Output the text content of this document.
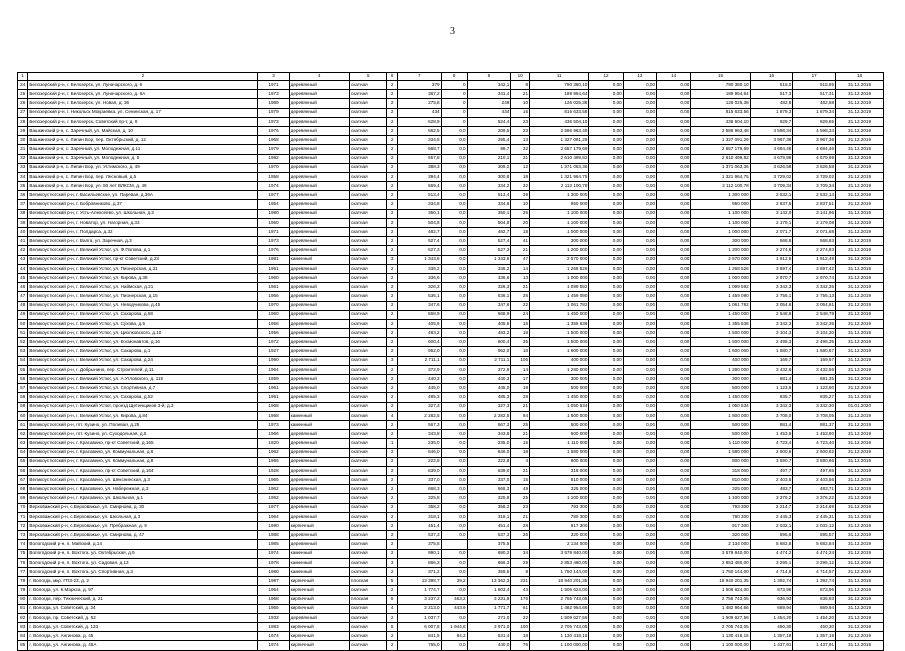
3
1	2	3	4	5	6	7	8	9	10	11	12	13	14	15	16	17	18
24	Белозерский р-н, г. Белозерск, ул. Луначарского, д. 6	1971	деревянный	скатная	2	379	0	342,1	8	790 380,10	0,00	0,00	0,00	790 380,10	516,0	515,95	31.12.2019
25	Белозерский р-н, г. Белозерск, ул. Луначарского, д. 6А	1973	деревянный	скатная	2	367,2	0	341,4	21	189 954,64	0,00	0,00	0,00	189 954,64	517,3	517,31	31.12.2019
26	Белозерский р-н, г. Белозерск, ул. Новая, д. 36	1989	деревянный	скатная	2	275,8	0	249	10	126 025,38	0,00	0,00	0,00	126 025,38	482,6	482,58	31.12.2019
27	Белозерский р-н, г. Никольск Мокраевка, ул. Сенинская, д. 17	1979	деревянный	скатная	2	434	0	434	16	815 633,56	0,00	0,00	0,00	815 633,56	1 879,3	1 879,34	31.12.2019
28	Белозерский р-н, г. Белозерск, Советский пр-т, д. 8	1973	деревянный	скатная	2	528,9	0	524,4	23	436 504,10	0,00	0,00	0,00	436 504,10	829,7	829,65	31.12.2019
29	Вашкинский р-н, с. Заречный, ул. Майская, д. 10	1976	деревянный	скатная	2	562,5	0,0	209,5	23	2 586 963,48	0,00	0,00	0,00	2 586 963,48	4 598,34	4 598,34	31.12.2019
30	Вашкинский р-н, с. Липин Бор, пер. Октябрьский, д. 12	1968	деревянный	скатная	2	334,5	0,0	295,4	13	1 327 091,29	0,00	0,00	0,00	1 327 091,29	3 967,38	3 967,38	31.12.2019
31	Вашкинский р-н, с. Заречный, ул. Молодежная, д.11	1979	деревянный	скатная	2	568,7	0,0	98,7	32	2 657 179,69	0,00	0,00	0,00	2 657 179,69	4 684,46	4 684,46	31.12.2019
32	Вашкинский р-н, с. Заречный, ул. Молодежная, д. 5	1982	деревянный	скатная	2	557,8	0,0	210,1	31	2 610 499,82	0,00	0,00	0,00	2 610 499,82	4 679,99	4 679,99	31.12.2019
33	Вашкинский р-н, с. Липин Бор, ул. Устимского, д. 49	1970	деревянный	скатная	2	388,3	0,0	309,2	12	1 371 063,36	0,00	0,00	0,00	1 371 063,36	3 626,58	3 626,58	31.12.2019
34	Вашкинский р-н, с. Липин Бор, пер. Лесновый, д.5	1958	деревянный	скатная	2	394,4	0,0	300,8	18	1 321 964,75	0,00	0,00	0,00	1 321 964,75	3 729,02	3 729,02	31.12.2019
35	Вашкинский р-н, с. Липин Бор, ул. 50 лет ВЛКСМ, д. 49	1974	деревянный	скатная	2	569,4	0,0	334,2	32	2 112 100,78	0,00	0,00	0,00	2 112 100,78	3 709,34	3 709,34	31.12.2019
36	Великоустюгский р-н, г. Васильевское, ул. Паревая, д.36А	1977	деревянный	скатная	2	513,4	0,0	513,4	39	1 300 000	0,00	0,00	0,00	1 300 000	2 532,1	2 532,14	31.12.2019
37	Великоустюгский р-н, г. Бобровниково, д.37	1954	деревянный	скатная	2	334,8	0,0	334,8	10	950 000	0,00	0,00	0,00	950 000	2 837,5	2 837,51	31.12.2019
38	Великоустюгский р-н, г. Усть-Алексеево, ул. Школьная, д.2	1980	деревянный	скатная	2	350,1	0,0	350,1	25	1 100 000	0,00	0,00	0,00	1 100 000	3 142,0	3 141,96	31.12.2019
39	Великоустюгский р-н, г. Новатор, ул. Нагорная, д.33	1960	деревянный	скатная	2	504,8	0,0	504,8	20	1 100 000	0,00	0,00	0,00	1 100 000	2 179,1	2 179,08	31.12.2019
40	Великоустюгский р-н, г. Полдарса, д.32	1971	деревянный	скатная	2	482,7	0,0	482,7	18	1 000 000	0,00	0,00	0,00	1 000 000	2 071,7	2 071,68	31.12.2019
41	Великоустюгский р-н, г. Валга, ул. Заречная, д.3	1973	деревянный	скатная	2	527,4	0,0	527,4	41	300 000	0,00	0,00	0,00	300 000	568,8	568,83	31.12.2019
42	Великоустюгский р-н, г. Великий Устюг, ул. Ф.Попова, д.1	1976	деревянный	скатная	2	527,3	0,0	527,3	21	1 200 000	0,00	0,00	0,00	1 200 000	2 274,8	2 274,83	31.12.2019
43	Великоустюгский р-н, г. Великий Устюг, пр-кт Советский, д.23	1981	каменный	скатная	3	1 343,6	0,0	1 343,6	47	2 570 000	0,00	0,00	0,00	2 570 000	1 912,5	1 912,49	31.12.2019
44	Великоустюгский р-н, г. Великий Устюг, ул. Пионерская, д.31	1961	деревянный	скатная	2	336,2	0,0	336,2	14	1 268 526	0,00	0,00	0,00	1 268 526	3 697,4	3 697,42	31.12.2019
45	Великоустюгский р-н, г. Великий Устюг, ул. Кирова, д.38	1960	деревянный	скатная	2	336,6	0,0	336,6	13	1 000 000	0,00	0,00	0,00	1 000 000	2 970,7	2 970,74	31.12.2019
46	Великоустюгский р-н, г. Великий Устюг, ул. Наймская, д.21	1961	деревянный	скатная	2	326,3	0,0	326,3	21	1 099 592	0,00	0,00	0,00	1 099 592	3 342,3	3 342,35	31.12.2019
47	Великоустюгский р-н, г. Великий Устюг, ул. Пионерская, д.15	1966	деревянный	скатная	2	536,1	0,0	536,1	26	1 459 090	0,00	0,00	0,00	1 459 090	2 756,1	2 756,13	31.12.2019
48	Великоустюгский р-н, г. Великий Устюг, ул. Неводчикова, д.45	1970	деревянный	скатная	2	347,6	0,0	347,6	22	1 061 782	0,00	0,00	0,00	1 061 782	3 054,6	3 054,61	31.12.2019
49	Великоустюгский р-н, г. Великий Устюг, ул. Сахарова, д.58	1960	деревянный	скатная	2	568,9	0,0	568,9	24	1 450 000	0,00	0,00	0,00	1 450 000	2 548,8	2 548,78	31.12.2019
50	Великоустюгский р-н, г. Великий Устюг, ул. Сухова, д.5	1956	деревянный	скатная	2	405,6	0,0	405,6	15	1 355 636	0,00	0,00	0,00	1 355 636	3 342,3	3 342,35	31.12.2019
51	Великоустюгский р-н, г. Великий Устюг, ул. Циолковского, д.10	1956	деревянный	скатная	2	483,2	0,0	483,2	18	1 500 000	0,00	0,00	0,00	1 500 000	3 104,3	3 104,30	31.12.2019
52	Великоустюгский р-н, г. Великий Устюг, ул. Космонавтов, д.16	1972	деревянный	скатная	2	600,4	0,0	600,4	35	1 500 000	0,00	0,00	0,00	1 500 000	2 498,3	2 498,35	31.12.2019
53	Великоустюгский р-н, г. Великий Устюг, ул. Сахарова, д.1	1927	деревянный	скатная	2	952,0	0,0	952,0	16	1 600 000	0,00	0,00	0,00	1 600 000	1 680,7	1 680,67	31.12.2019
54	Великоустюгский р-н, г. Великий Устюг, ул. Сахарова, д.24	1990	деревянный	скатная	3	2 711,1	0,0	2 711,1	105	400 000	0,00	0,00	0,00	400 000	169,7	169,67	31.12.2019
55	Великоустюгский р-н, г. Добрынино, пер. Строителей, д.11	1964	деревянный	скатная	2	372,9	0,0	372,9	14	1 280 000	0,00	0,00	0,00	1 280 000	3 432,6	3 432,56	31.12.2019
56	Великоустюгский р-н, г. Великий Устюг, ул. А.Угловского, д. 115	1959	деревянный	скатная	2	440,3	0,0	440,3	17	300 000	0,00	0,00	0,00	300 000	681,4	681,35	31.12.2019
57	Великоустюгский р-н, г. Великий Устюг, ул. Спортивная, д.7	1961	деревянный	скатная	2	445,0	0,0	445,0	19	500 000	0,00	0,00	0,00	500 000	1 123,6	1 123,60	31.12.2019
58	Великоустюгский р-н, г. Великий Устюг, ул. Сахарова, д.52	1961	деревянный	скатная	2	485,3	0,0	485,3	28	1 450 000	0,00	0,00	0,00	1 450 000	835,7	835,27	31.12.2019
59	Великоустюгский р-н, г. Великий Устюг, проезд Щетинщиков 3-й, д.3	1968	деревянный	скатная	2	327,3	0,0	327,3	21	1 050 534	0,00	0,00	0,00	1 050 534	3 342,3	3 342,30	01.01.2020
60	Великоустюгский р-н, г. Великий Устюг, ул. Кирова, д.84	1968	каменный	скатная	4	2 282,5	0,0	2 282,5	94	1 800 000	0,00	0,00	0,00	1 800 000	3 708,0	3 708,05	31.12.2019
61	Великоустюгский р-н, пгт. Кузино, ул. Полевая, д.25	1973	каменный	скатная	2	567,3	0,0	567,3	25	500 000	0,00	0,00	0,00	500 000	881,4	881,37	31.12.2019
62	Великоустюгский р-н, пгт. Кузино, ул. Суходольная, д.5	1966	деревянный	скатная	2	343,8	0,0	343,8	21	500 000	0,00	0,00	0,00	500 000	1 453,8	1 453,80	31.12.2019
63	Великоустюгский р-н, г. Красавино, пр-кт Советский, д.165	1920	деревянный	скатная	1	235,0	0,0	235,0	15	1 110 000	0,00	0,00	0,00	1 110 000	4 723,4	4 723,40	31.12.2019
64	Великоустюгский р-н, г. Красавино, ул. Коммунальная, д.6	1962	деревянный	скатная	2	646,0	0,0	646,0	18	1 580 000	0,00	0,00	0,00	1 580 000	2 600,6	2 600,62	31.12.2019
65	Великоустюгский р-н, г. Красавино, ул. Коммунальная, д.8	1966	деревянный	скатная	2	222,8	0,0	222,8	4	800 000	0,00	0,00	0,00	800 000	3 590,7	3 590,66	31.12.2019
66	Великоустюгский р-н, г. Красавино, пр-кт Советский, д.164	1928	деревянный	скатная	2	639,0	0,0	639,0	21	318 000	0,00	0,00	0,00	318 000	497,7	497,65	31.12.2019
67	Великоустюгский р-н, г. Красавино, ул. Шекснинская, д.3	1965	деревянный	скатная	2	337,0	0,0	337,0	15	810 000	0,00	0,00	0,00	810 000	2 403,6	2 403,56	31.12.2019
68	Великоустюгский р-н, г. Красавино, ул. Набережная, д.3	1962	деревянный	скатная	2	668,3	0,0	668,3	49	325 000	0,00	0,00	0,00	325 000	483,7	483,71	31.12.2019
69	Великоустюгский р-н, г. Красавино, ул. Школьная, д.1	1962	деревянный	скатная	2	325,8	0,0	325,8	25	1 100 000	0,00	0,00	0,00	1 100 000	3 376,2	3 376,22	31.12.2019
70	Верховажский р-н, с.Верховажье, ул. Смирнова, д. 30	1977	деревянный	скатная	2	358,2	0,0	358,2	23	793 300	0,00	0,00	0,00	793 300	2 214,7	2 214,69	31.12.2019
71	Верховажский р-н, с.Верховажье, ул. Школьная, д.3	1964	деревянный	скатная	2	318,1	0,0	318,1	21	780 300	0,00	0,00	0,00	780 300	2 445,3	2 445,31	31.12.2019
72	Верховажский р-н, с.Верховажье, ул. Пребражная, д. 9	1990	кирпичный	скатная	2	451,4	0,0	451,4	28	917 300	0,00	0,00	0,00	917 300	2 032,1	2 032,12	31.12.2019
73	Верховажский р-н, с.Верховажье, ул. Смирнова, д. 47	1988	деревянный	скатная	2	537,3	0,0	537,3	26	320 000	0,00	0,00	0,00	320 000	595,6	595,57	31.12.2019
74	Вологодский р-н, п. Майский, д.14	1985	деревянный	скатная	2	375,5		375,5		2 134 000	0,00	0,00	0,00	2 134 000	5 682,8	5 682,84	31.12.2019
75	Вологодский р-н, п. Вохтога, ул. Октябрьская, д.5	1974	каменный	скатная	2	990,1	0,0	690,2	34	3 579 840,00	0,00	0,00	0,00	3 579 840,00	4 474,2	4 474,24	31.12.2019
76	Вологодский р-н, п. Вохтога, ул. Садовая, д.13	1978	каменный	скатная	3	866,3	0,0	866,3	29	2 853 480,00	0,00	0,00	0,00	2 853 480,00	3 295,1	3 295,12	31.12.2019
77	Вологодский р-н, п. Вохтога, ул. Спортивная, д.3	1980	каменный	скатная	2	371,2	0,0	359,5	9	1 750 144,00	0,00	0,00	0,00	1 750 144,00	4 714,6	4 714,57	31.12.2019
78	г. Вологда, мкр. ГПЗ-23, д. 2	1987	кирпичный	плоская	5	13 398,7	39,2	13 362,3	231	18 940 201,35	0,00	0,00	0,00	18 940 201,35	1 392,74	1 392,74	31.12.2019
79	г. Вологда, ул. К.Маркса, д. 97	1954	кирпичный	скатная	2	1 774,7	0,0	1 603,4	43	1 506 624,00	0,00	0,00	0,00	1 506 624,00	873,96	873,96	31.12.2019
80	г. Вологда, пер. Технический, д. 21	1968	кирпичный	плоская	5	3 237,2	463,2	3 231,8	176	2 755 743,05	0,00	0,00	0,00	2 755 743,05	636,93	636,93	31.12.2019
81	г. Вологда, ул. Советский, д. 24	1955	кирпичный	скатная	4	2 213,0	443,9	1 771,7	61	1 482 964,66	0,00	0,00	0,00	1 482 964,66	669,94	669,94	31.12.2019
82	г. Вологда, пр. Советский, д. 52	1933	деревянный	скатная	2	1 037,7	0,0	271,0	22	1 509 627,56	0,00	0,00	0,00	1 509 627,56	1 454,20	1 454,20	31.12.2019
83	г. Вологда, ул. Советский, д. 133	1983	кирпичный	скатная	5	6 007,8	1 944,8	3 971,0	100	2 705 743,05	0,00	0,00	0,00	2 705 743,05	450,30	450,30	31.12.2019
84	г. Вологда, ул. Ангинова, д. 45	1974	кирпичный	скатная	2	841,5	84,2	531,4	18	1 130 418,15	0,00	0,00	0,00	1 130 418,15	1 357,19	1 357,19	31.12.2019
85	г. Вологда, ул. Ангинова, д. 45А	1974	кирпичный	скатная	2	765,0	0,0	440,0	76	1 100 000,00	0,00	0,00	0,00	1 100 000,00	1 437,91	1 437,91	31.12.2019
